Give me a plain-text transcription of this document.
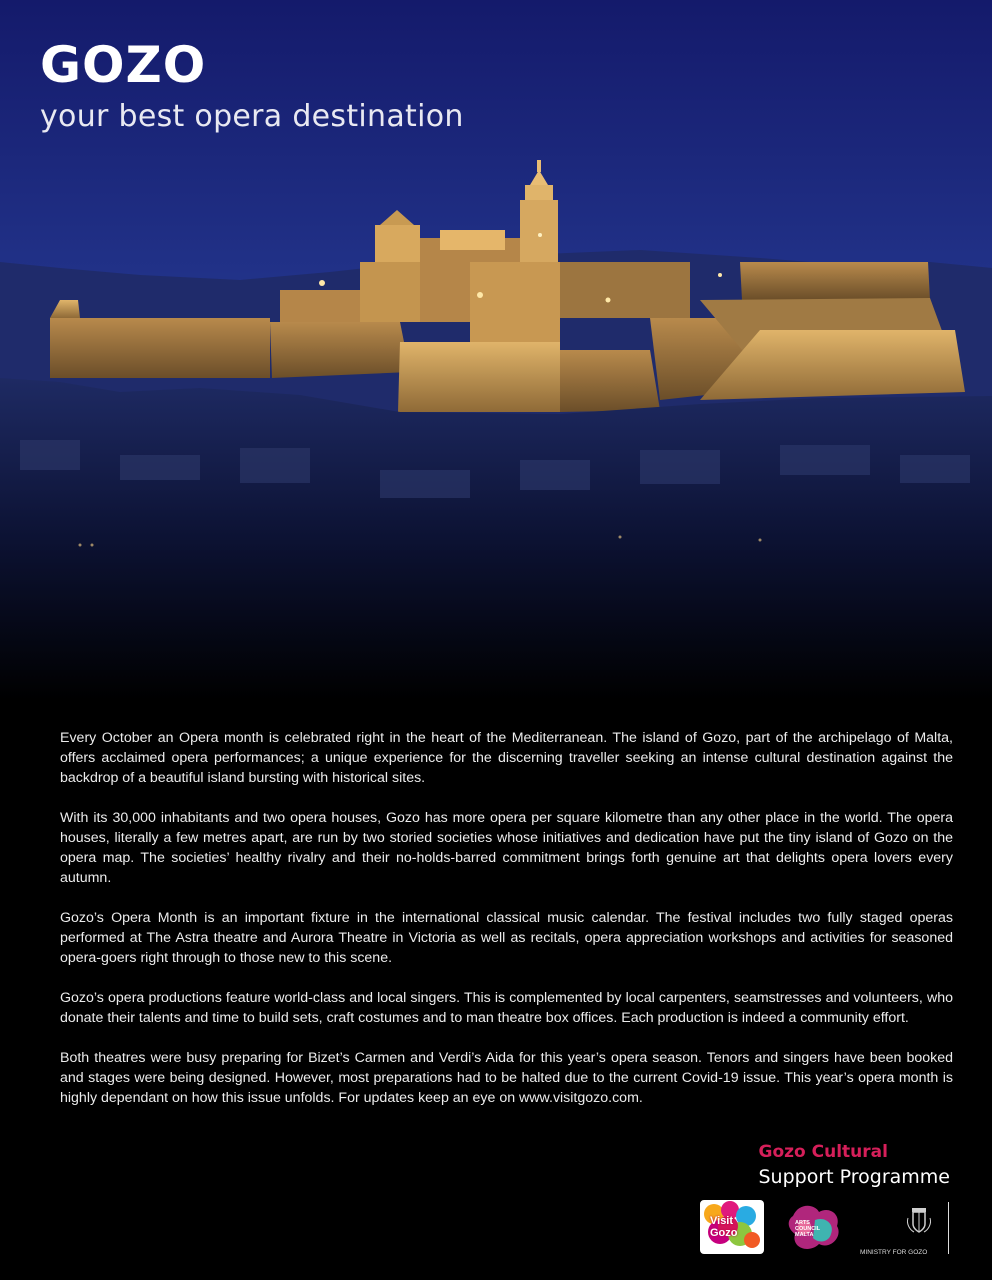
GOZO
your best opera destination

Every October an Opera month is celebrated right in the heart of the Mediterranean. The island of Gozo, part of the archipelago of Malta, offers acclaimed opera performances; a unique experience for the discerning traveller seeking an intense cultural destination against the backdrop of a beautiful island bursting with historical sites.

With its 30,000 inhabitants and two opera houses, Gozo has more opera per square kilometre than any other place in the world. The opera houses, literally a few metres apart, are run by two storied societies whose initiatives and dedication have put the tiny island of Gozo on the opera map. The societies’ healthy rivalry and their no-holds-barred commitment brings forth genuine art that delights opera lovers every autumn.

Gozo’s Opera Month is an important fixture in the international classical music calendar. The festival includes two fully staged operas performed at The Astra theatre and Aurora Theatre in Victoria as well as recitals, opera appreciation workshops and activities for seasoned opera-goers right through to those new to this scene.

Gozo’s opera productions feature world-class and local singers. This is complemented by local carpenters, seamstresses and volunteers, who donate their talents and time to build sets, craft costumes and to man theatre box offices. Each production is indeed a community effort.

Both theatres were busy preparing for Bizet’s Carmen and Verdi’s Aida for this year’s opera season. Tenors and singers have been booked and stages were being designed. However, most preparations had to be halted due to the current Covid-19 issue. This year’s opera month is highly dependant on how this issue unfolds. For updates keep an eye on www.visitgozo.com.

Gozo Cultural
Support Programme
Visit
Gozo
ARTS
COUNCIL
MALTA
MINISTRY FOR GOZO
